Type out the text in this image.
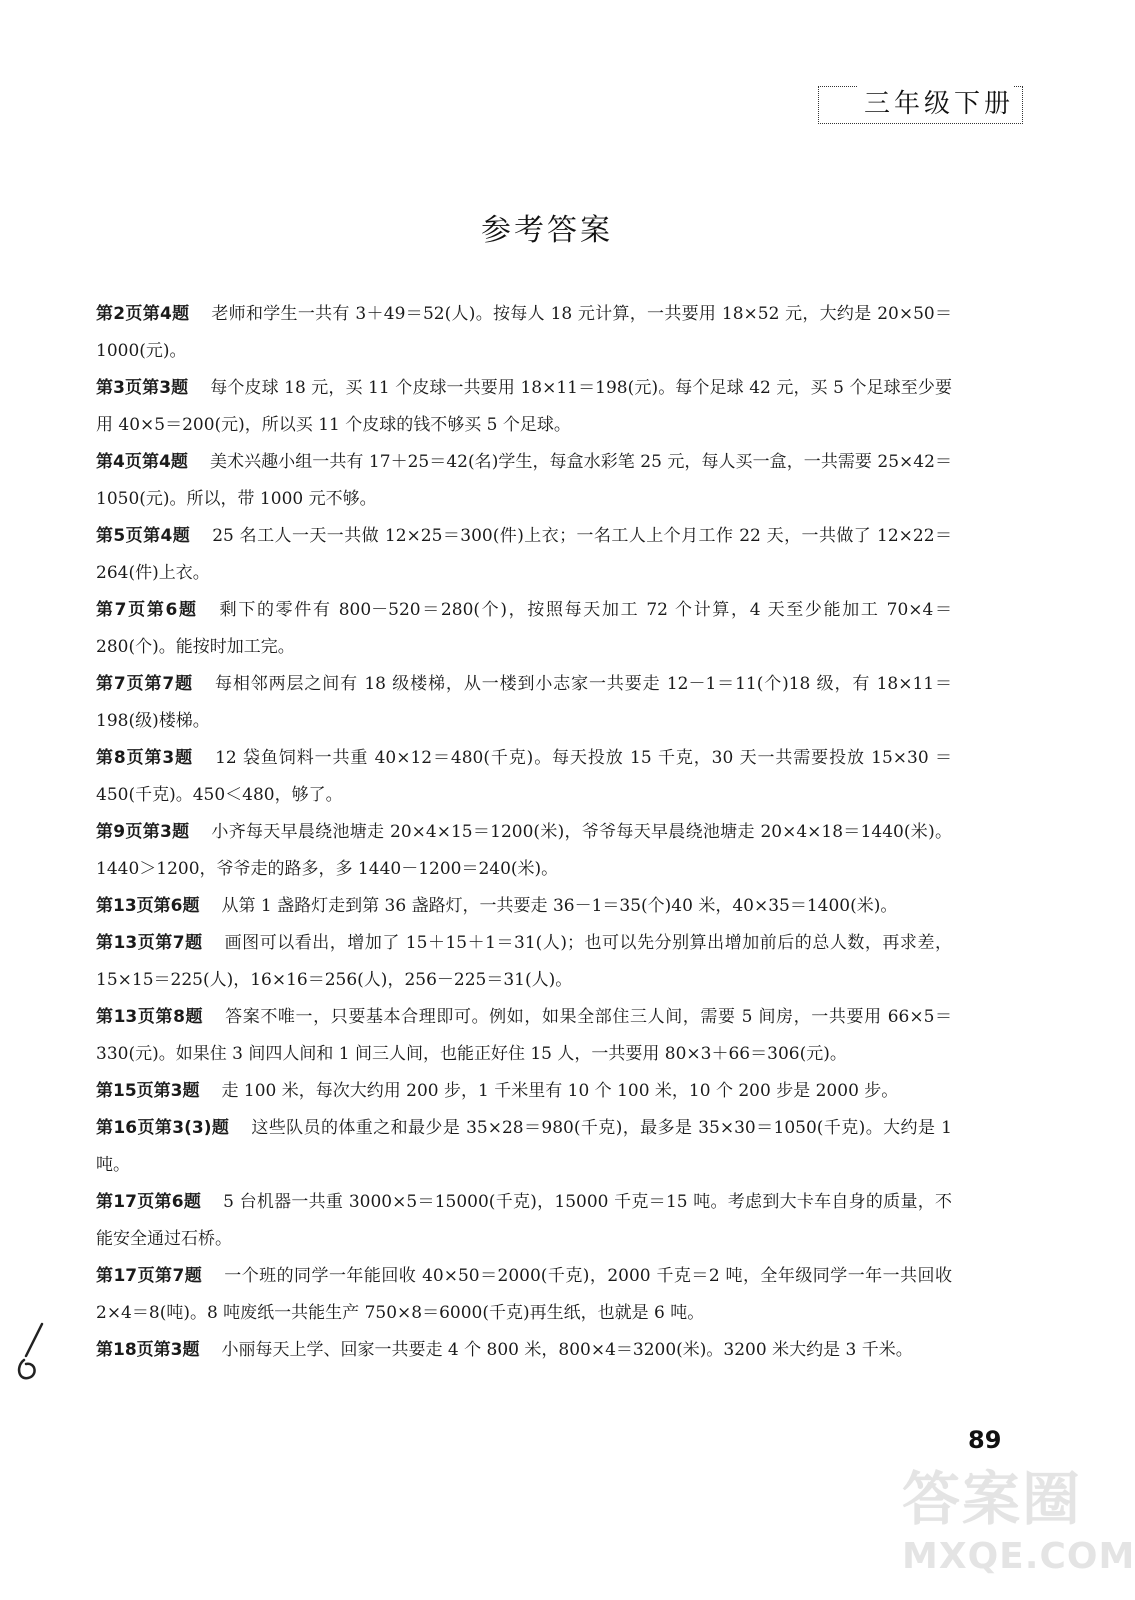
三年级下册
参考答案

第2页第4题 老师和学生一共有 3＋49＝52(人)。按每人 18 元计算，一共要用 18×52 元，大约是 20×50＝1000(元)。

第3页第3题 每个皮球 18 元，买 11 个皮球一共要用 18×11＝198(元)。每个足球 42 元，买 5 个足球至少要用 40×5＝200(元)，所以买 11 个皮球的钱不够买 5 个足球。

第4页第4题 美术兴趣小组一共有 17＋25＝42(名)学生，每盒水彩笔 25 元，每人买一盒，一共需要 25×42＝1050(元)。所以，带 1000 元不够。

第5页第4题 25 名工人一天一共做 12×25＝300(件)上衣；一名工人上个月工作 22 天，一共做了 12×22＝264(件)上衣。

第7页第6题 剩下的零件有 800－520＝280(个)，按照每天加工 72 个计算，4 天至少能加工 70×4＝280(个)。能按时加工完。

第7页第7题 每相邻两层之间有 18 级楼梯，从一楼到小志家一共要走 12－1＝11(个)18 级，有 18×11＝198(级)楼梯。

第8页第3题 12 袋鱼饲料一共重 40×12＝480(千克)。每天投放 15 千克，30 天一共需要投放 15×30 ＝450(千克)。450＜480，够了。

第9页第3题 小齐每天早晨绕池塘走 20×4×15＝1200(米)，爷爷每天早晨绕池塘走 20×4×18＝1440(米)。1440＞1200，爷爷走的路多，多 1440－1200＝240(米)。

第13页第6题 从第 1 盏路灯走到第 36 盏路灯，一共要走 36－1＝35(个)40 米，40×35＝1400(米)。

第13页第7题 画图可以看出，增加了 15＋15＋1＝31(人)；也可以先分别算出增加前后的总人数，再求差，15×15＝225(人)，16×16＝256(人)，256－225＝31(人)。

第13页第8题 答案不唯一，只要基本合理即可。例如，如果全部住三人间，需要 5 间房，一共要用 66×5＝330(元)。如果住 3 间四人间和 1 间三人间，也能正好住 15 人，一共要用 80×3＋66＝306(元)。

第15页第3题 走 100 米，每次大约用 200 步，1 千米里有 10 个 100 米，10 个 200 步是 2000 步。

第16页第3(3)题 这些队员的体重之和最少是 35×28＝980(千克)，最多是 35×30＝1050(千克)。大约是 1 吨。

第17页第6题 5 台机器一共重 3000×5＝15000(千克)，15000 千克＝15 吨。考虑到大卡车自身的质量，不能安全通过石桥。

第17页第7题 一个班的同学一年能回收 40×50＝2000(千克)，2000 千克＝2 吨，全年级同学一年一共回收 2×4＝8(吨)。8 吨废纸一共能生产 750×8＝6000(千克)再生纸，也就是 6 吨。

第18页第3题 小丽每天上学、回家一共要走 4 个 800 米，800×4＝3200(米)。3200 米大约是 3 千米。

89
答案圈
MXQE.COM
